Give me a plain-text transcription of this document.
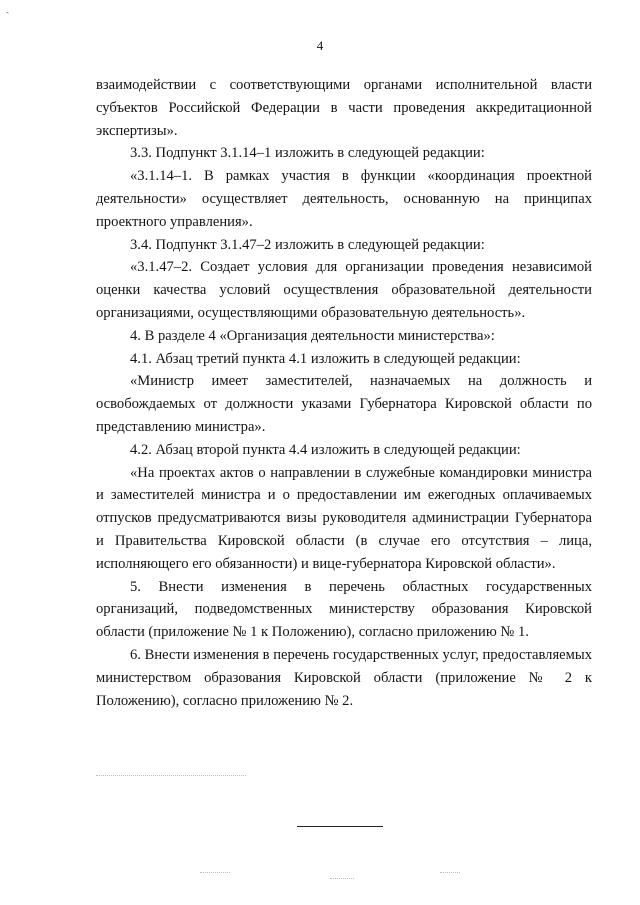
`
4

взаимодействии с соответствующими органами исполнительной власти субъектов Российской Федерации в части проведения аккредитационной экспертизы».

3.3. Подпункт 3.1.14–1 изложить в следующей редакции:

«3.1.14–1. В рамках участия в функции «координация проектной деятельности» осуществляет деятельность, основанную на принципах проектного управления».

3.4. Подпункт 3.1.47–2 изложить в следующей редакции:

«3.1.47–2. Создает условия для организации проведения независимой оценки качества условий осуществления образовательной деятельности организациями, осуществляющими образовательную деятельность».

4. В разделе 4 «Организация деятельности министерства»:

4.1. Абзац третий пункта 4.1 изложить в следующей редакции:

«Министр имеет заместителей, назначаемых на должность и освобождаемых от должности указами Губернатора Кировской области по представлению министра».

4.2. Абзац второй пункта 4.4 изложить в следующей редакции:

«На проектах актов о направлении в служебные командировки министра и заместителей министра и о предоставлении им ежегодных оплачиваемых отпусков предусматриваются визы руководителя администрации Губернатора и Правительства Кировской области (в случае его отсутствия – лица, исполняющего его обязанности) и вице-губернатора Кировской области».

5. Внести изменения в перечень областных государственных организаций, подведомственных министерству образования Кировской области (приложение № 1 к Положению), согласно приложению № 1.

6. Внести изменения в перечень государственных услуг, предоставляемых министерством образования Кировской области (приложение № 2 к Положению), согласно приложению № 2.
